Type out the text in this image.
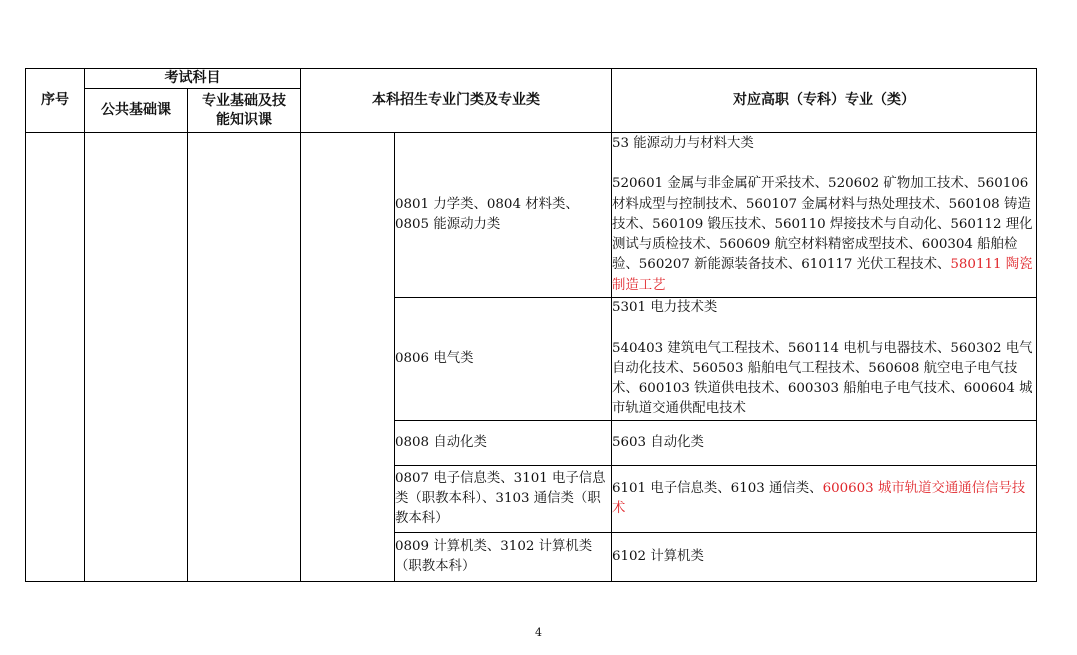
序号	考试科目		本科招生专业门类及专业类		对应高职（专科）专业（类）
	公共基础课	专业基础及技
能知识课			

				0801 力学类、0804 材料类、0805 能源动力类	53 能源动力与材料大类
520601 金属与非金属矿开采技术、520602 矿物加工技术、560106 材料成型与控制技术、560107 金属材料与热处理技术、560108 铸造技术、560109 锻压技术、560110 焊接技术与自动化、560112 理化测试与质检技术、560609 航空材料精密成型技术、600304 船舶检验、560207 新能源装备技术、610117 光伏工程技术、580111 陶瓷制造工艺

				0806 电气类	5301 电力技术类
540403 建筑电气工程技术、560114 电机与电器技术、560302 电气自动化技术、560503 船舶电气工程技术、560608 航空电子电气技术、600103 铁道供电技术、600303 船舶电子电气技术、600604 城市轨道交通供配电技术

				0808 自动化类	5603 自动化类
				0807 电子信息类、3101 电子信息类（职教本科）、3103 通信类（职教本科）	6101 电子信息类、6103 通信类、600603 城市轨道交通通信信号技术
				0809 计算机类、3102 计算机类（职教本科）	6102 计算机类
4
